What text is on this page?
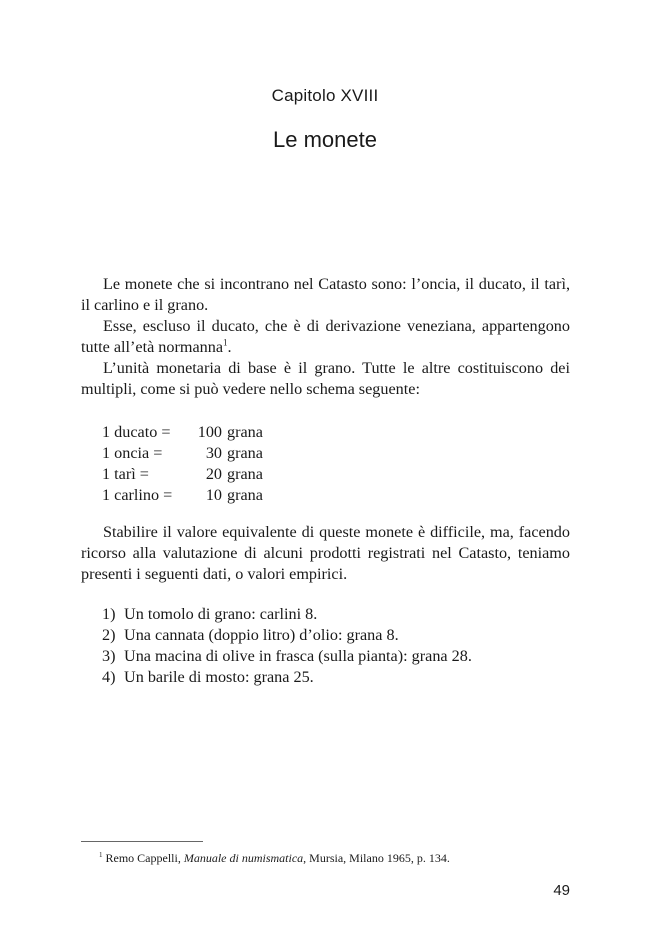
Capitolo XVIII
Le monete

Le monete che si incontrano nel Catasto sono: l’oncia, il ducato, il tarì, il carlino e il grano.

Esse, escluso il ducato, che è di derivazione veneziana, appartengono tutte all’età normanna$^1$.

L’unità monetaria di base è il grano. Tutte le altre costituiscono dei multipli, come si può vedere nello schema seguente:

1 ducato =	100	grana
1 oncia =	30	grana
1 tarì =	20	grana
1 carlino =	10	grana

Stabilire il valore equivalente di queste monete è difficile, ma, facendo ricorso alla valutazione di alcuni prodotti registrati nel Catasto, teniamo presenti i seguenti dati, o valori empirici.

1) Un tomolo di grano: carlini 8.
2) Una cannata (doppio litro) d’olio: grana 8.
3) Una macina di olive in frasca (sulla pianta): grana 28.
4) Un barile di mosto: grana 25.
$^1$ Remo Cappelli, Manuale di numismatica, Mursia, Milano 1965, p. 134.
49
